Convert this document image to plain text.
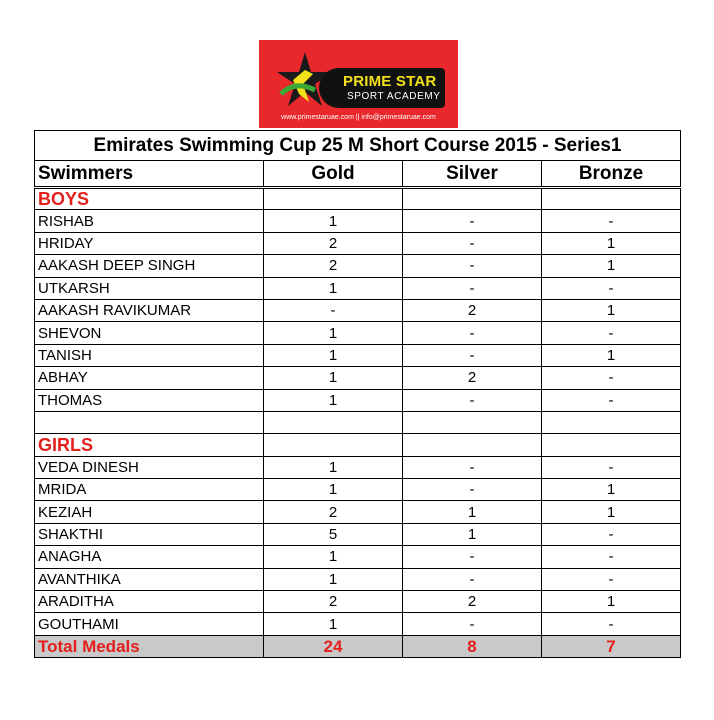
PRIME STAR
SPORT ACADEMY
www.primestaruae.com || info@primestaruae.com
Emirates Swimming Cup 25 M Short Course 2015 - Series1			
Swimmers	Gold	Silver	Bronze
BOYS			
RISHAB	1	-	-
HRIDAY	2	-	1
AAKASH DEEP SINGH	2	-	1
UTKARSH	1	-	-
AAKASH RAVIKUMAR	-	2	1
SHEVON	1	-	-
TANISH	1	-	1
ABHAY	1	2	-
THOMAS	1	-	-

GIRLS			
VEDA DINESH	1	-	-
MRIDA	1	-	1
KEZIAH	2	1	1
SHAKTHI	5	1	-
ANAGHA	1	-	-
AVANTHIKA	1	-	-
ARADITHA	2	2	1
GOUTHAMI	1	-	-
Total Medals	24	8	7
